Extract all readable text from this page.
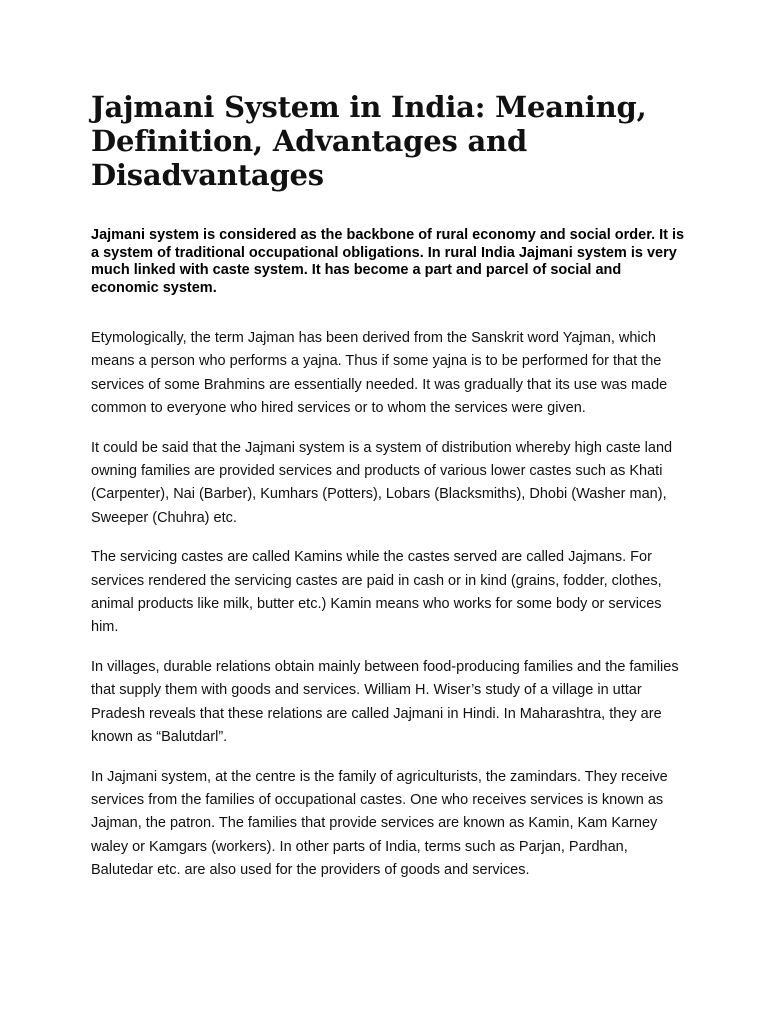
Jajmani System in India: Meaning, Definition, Advantages and Disadvantages

Jajmani system is considered as the backbone of rural economy and social order. It is a system of traditional occupational obligations. In rural India Jajmani system is very much linked with caste system. It has become a part and parcel of social and economic system.

Etymologically, the term Jajman has been derived from the Sanskrit word Yajman, which means a person who performs a yajna. Thus if some yajna is to be performed for that the services of some Brahmins are essentially needed. It was gradually that its use was made common to everyone who hired services or to whom the services were given.

It could be said that the Jajmani system is a system of distribution whereby high caste land owning families are provided services and products of various lower castes such as Khati (Carpenter), Nai (Barber), Kumhars (Potters), Lobars (Blacksmiths), Dhobi (Washer man), Sweeper (Chuhra) etc.

The servicing castes are called Kamins while the castes served are called Jajmans. For services rendered the servicing castes are paid in cash or in kind (grains, fodder, clothes, animal products like milk, butter etc.) Kamin means who works for some body or services him.

In villages, durable relations obtain mainly between food-producing families and the families that supply them with goods and services. William H. Wiser’s study of a village in uttar Pradesh reveals that these relations are called Jajmani in Hindi. In Maharashtra, they are known as “Balutdarl”.

In Jajmani system, at the centre is the family of agriculturists, the zamindars. They receive services from the families of occupational castes. One who receives services is known as Jajman, the patron. The families that provide services are known as Kamin, Kam Karney waley or Kamgars (workers). In other parts of India, terms such as Parjan, Pardhan, Balutedar etc. are also used for the providers of goods and services.
